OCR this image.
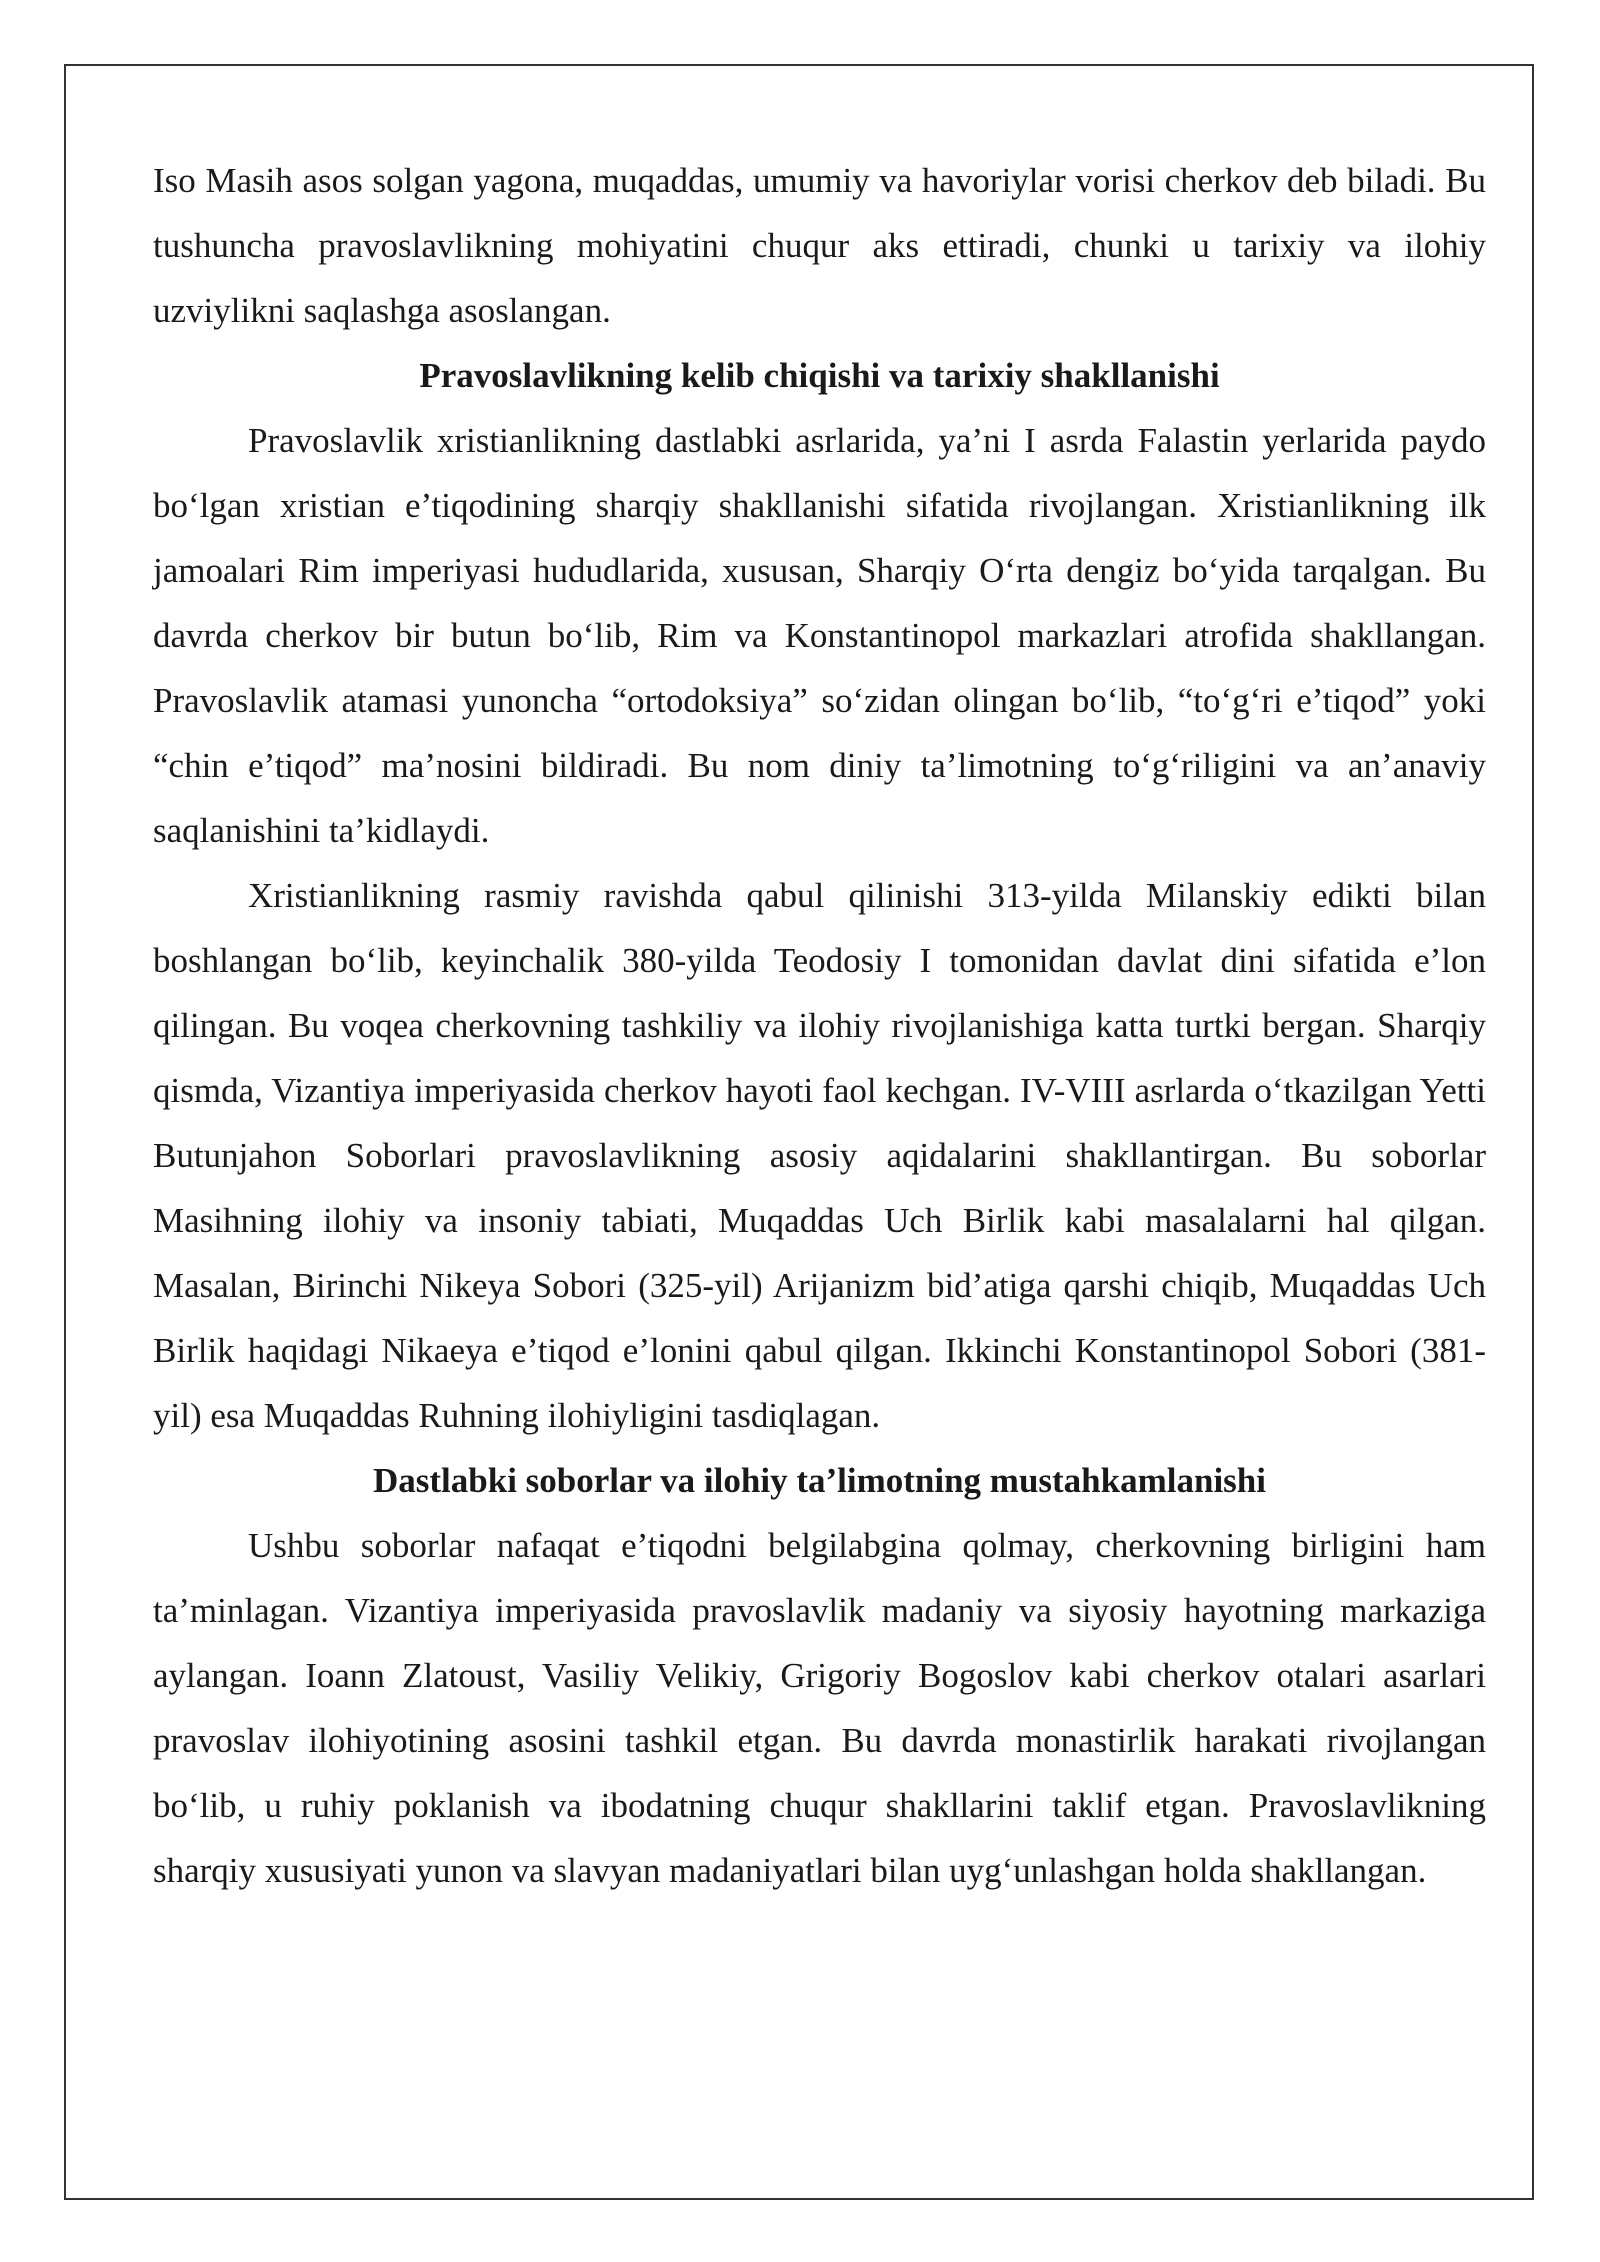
Iso Masih asos solgan yagona, muqaddas, umumiy va havoriylar vorisi cherkov deb biladi. Bu tushuncha pravoslavlikning mohiyatini chuqur aks ettiradi, chunki u tarixiy va ilohiy uzviylikni saqlashga asoslangan.

Pravoslavlikning kelib chiqishi va tarixiy shakllanishi

Pravoslavlik xristianlikning dastlabki asrlarida, ya’ni I asrda Falastin yerlarida paydo bo‘lgan xristian e’tiqodining sharqiy shakllanishi sifatida rivojlangan. Xristianlikning ilk jamoalari Rim imperiyasi hududlarida, xususan, Sharqiy O‘rta dengiz bo‘yida tarqalgan. Bu davrda cherkov bir butun bo‘lib, Rim va Konstantinopol markazlari atrofida shakllangan. Pravoslavlik atamasi yunoncha “ortodoksiya” so‘zidan olingan bo‘lib, “to‘g‘ri e’tiqod” yoki “chin e’tiqod” ma’nosini bildiradi. Bu nom diniy ta’limotning to‘g‘riligini va an’anaviy saqlanishini ta’kidlaydi.

Xristianlikning rasmiy ravishda qabul qilinishi 313-yilda Milanskiy edikti bilan boshlangan bo‘lib, keyinchalik 380-yilda Teodosiy I tomonidan davlat dini sifatida e’lon qilingan. Bu voqea cherkovning tashkiliy va ilohiy rivojlanishiga katta turtki bergan. Sharqiy qismda, Vizantiya imperiyasida cherkov hayoti faol kechgan. IV-VIII asrlarda o‘tkazilgan Yetti Butunjahon Soborlari pravoslavlikning asosiy aqidalarini shakllantirgan. Bu soborlar Masihning ilohiy va insoniy tabiati, Muqaddas Uch Birlik kabi masalalarni hal qilgan. Masalan, Birinchi Nikeya Sobori (325-yil) Arijanizm bid’atiga qarshi chiqib, Muqaddas Uch Birlik haqidagi Nikaeya e’tiqod e’lonini qabul qilgan. Ikkinchi Konstantinopol Sobori (381-yil) esa Muqaddas Ruhning ilohiyligini tasdiqlagan.

Dastlabki soborlar va ilohiy ta’limotning mustahkamlanishi

Ushbu soborlar nafaqat e’tiqodni belgilabgina qolmay, cherkovning birligini ham ta’minlagan. Vizantiya imperiyasida pravoslavlik madaniy va siyosiy hayotning markaziga aylangan. Ioann Zlatoust, Vasiliy Velikiy, Grigoriy Bogoslov kabi cherkov otalari asarlari pravoslav ilohiyotining asosini tashkil etgan. Bu davrda monastirlik harakati rivojlangan bo‘lib, u ruhiy poklanish va ibodatning chuqur shakllarini taklif etgan. Pravoslavlikning sharqiy xususiyati yunon va slavyan madaniyatlari bilan uyg‘unlashgan holda shakllangan.
